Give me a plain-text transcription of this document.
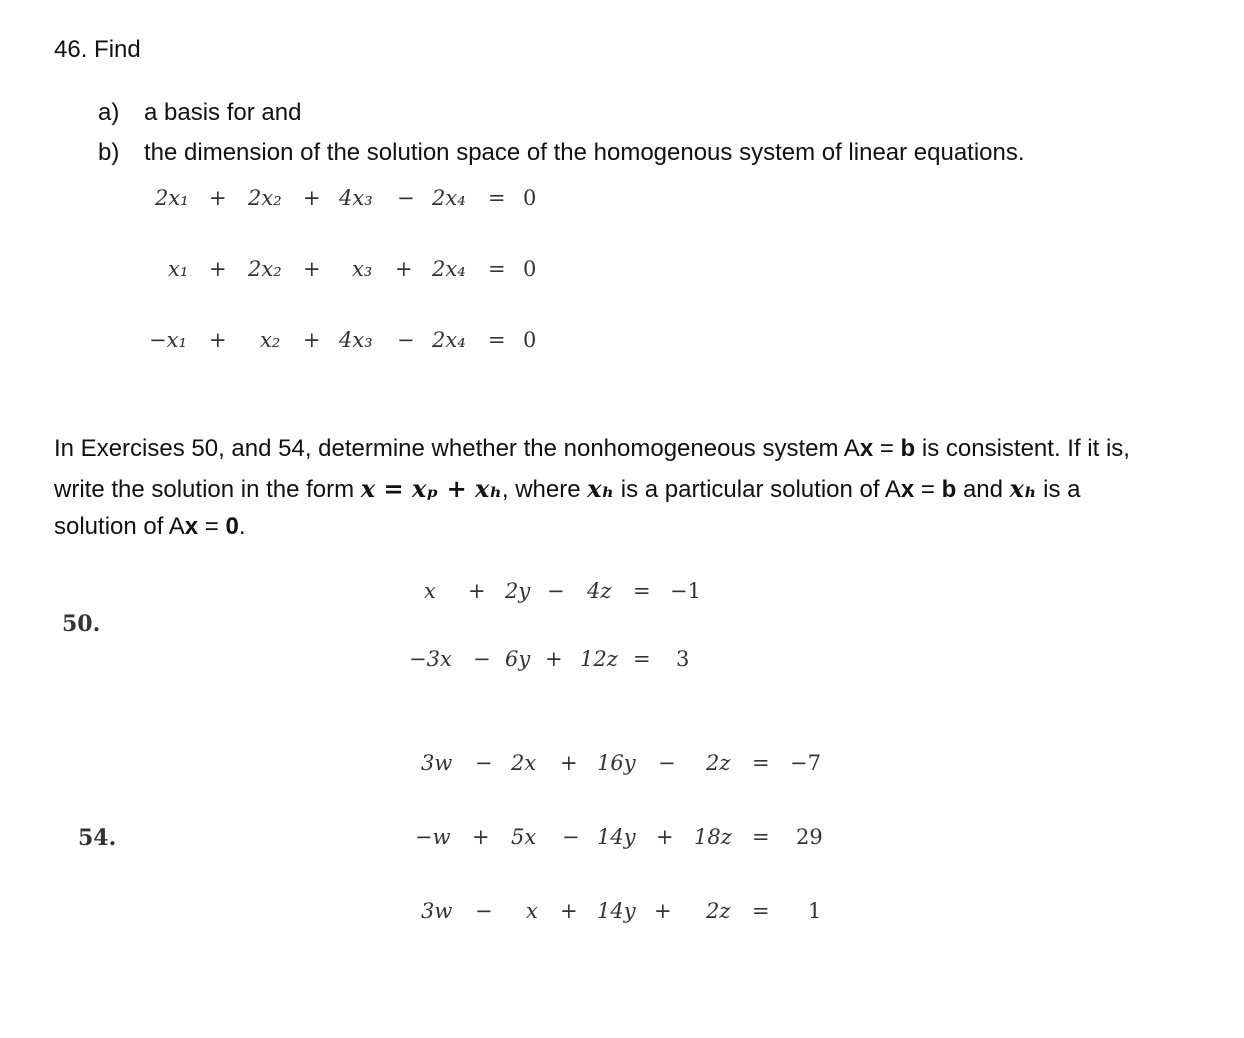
46. Find
a) a basis for and
b) the dimension of the solution space of the homogenous system of linear equations.
2x₁ + 2x₂ + 4x₃ − 2x₄ = 0
x₁ + 2x₂ + x₃ + 2x₄ = 0
−x₁ + x₂ + 4x₃ − 2x₄ = 0
In Exercises 50, and 54, determine whether the nonhomogeneous system Ax = b is consistent. If it is,
write the solution in the form x = xₚ + xₕ, where xₕ is a particular solution of Ax = b and xₕ is a
solution of Ax = 0.
50.
x + 2y − 4z = −1
−3x − 6y + 12z = 3
54.
3w − 2x + 16y − 2z = −7
−w + 5x − 14y + 18z = 29
3w − x + 14y + 2z = 1
